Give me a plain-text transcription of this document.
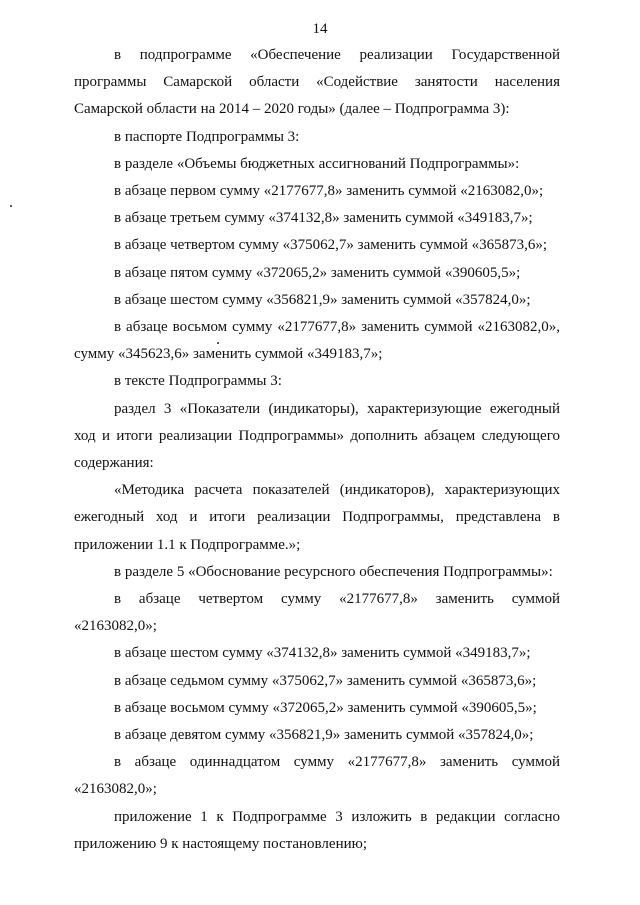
14

в подпрограмме «Обеспечение реализации Государственной программы Самарской области «Содействие занятости населения Самарской области на 2014 – 2020 годы» (далее – Подпрограмма 3):

в паспорте Подпрограммы 3:

в разделе «Объемы бюджетных ассигнований Подпрограммы»:

в абзаце первом сумму «2177677,8» заменить суммой «2163082,0»;

в абзаце третьем сумму «374132,8» заменить суммой «349183,7»;

в абзаце четвертом сумму «375062,7» заменить суммой «365873,6»;

в абзаце пятом сумму «372065,2» заменить суммой «390605,5»;

в абзаце шестом сумму «356821,9» заменить суммой «357824,0»;

в абзаце восьмом сумму «2177677,8» заменить суммой «2163082,0», сумму «345623,6» заменить суммой «349183,7»;

в тексте Подпрограммы 3:

раздел 3 «Показатели (индикаторы), характеризующие ежегодный ход и итоги реализации Подпрограммы» дополнить абзацем следующего содержания:

«Методика расчета показателей (индикаторов), характеризующих ежегодный ход и итоги реализации Подпрограммы, представлена в приложении 1.1 к Подпрограмме.»;

в разделе 5 «Обоснование ресурсного обеспечения Подпрограммы»:

в абзаце четвертом сумму «2177677,8» заменить суммой «2163082,0»;

в абзаце шестом сумму «374132,8» заменить суммой «349183,7»;

в абзаце седьмом сумму «375062,7» заменить суммой «365873,6»;

в абзаце восьмом сумму «372065,2» заменить суммой «390605,5»;

в абзаце девятом сумму «356821,9» заменить суммой «357824,0»;

в абзаце одиннадцатом сумму «2177677,8» заменить суммой «2163082,0»;

приложение 1 к Подпрограмме 3 изложить в редакции согласно приложению 9 к настоящему постановлению;
